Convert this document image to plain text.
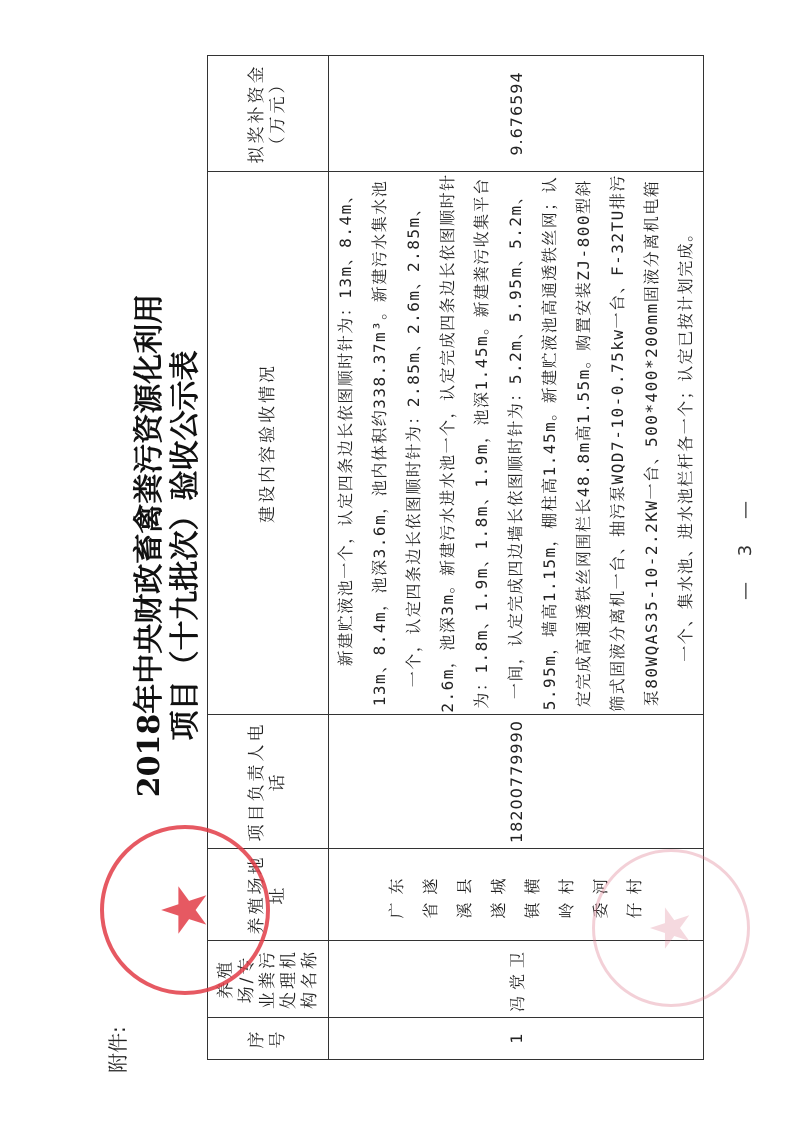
附件:
2018年中央财政畜禽粪污资源化利用 项目（十九批次）验收公示表
序号	养殖场/专业粪污处理机构名称	养殖场地址	项目负责人电话	建设内容验收情况	拟奖补资金（万元）
1	冯党卫	广东省遂溪县遂城镇横岭村委河仔村	18200779990	新建贮液池一个，认定四条边长依图顺时针为：13m、8.4m、13m、8.4m，池深3.6m，池内体积约338.37m³。新建污水集水池一个，认定四条边长依图顺时针为：2.85m、2.6m、2.85m、2.6m，池深3m。新建污水进水池一个，认定完成四条边长依图顺时针为：1.8m、1.9m、1.8m、1.9m，池深1.45m。新建粪污收集平台一间，认定完成四边墙长依图顺时针为：5.2m、5.95m、5.2m、5.95m，墙高1.15m，棚柱高1.45m。新建贮液池高通透铁丝网；认定完成高通透铁丝网围栏长48.8m高1.55m。购置安装ZJ-800型斜筛式固液分离机一台、抽污泵WQD7-10-0.75kw一台、F-32TU排污泵80WQAS35-10-2.2KW一台、500*400*200mm固液分离机电箱一个、集水池、进水池栏杆各一个；认定已按计划完成。	9.676594
— 3 —
★	★
